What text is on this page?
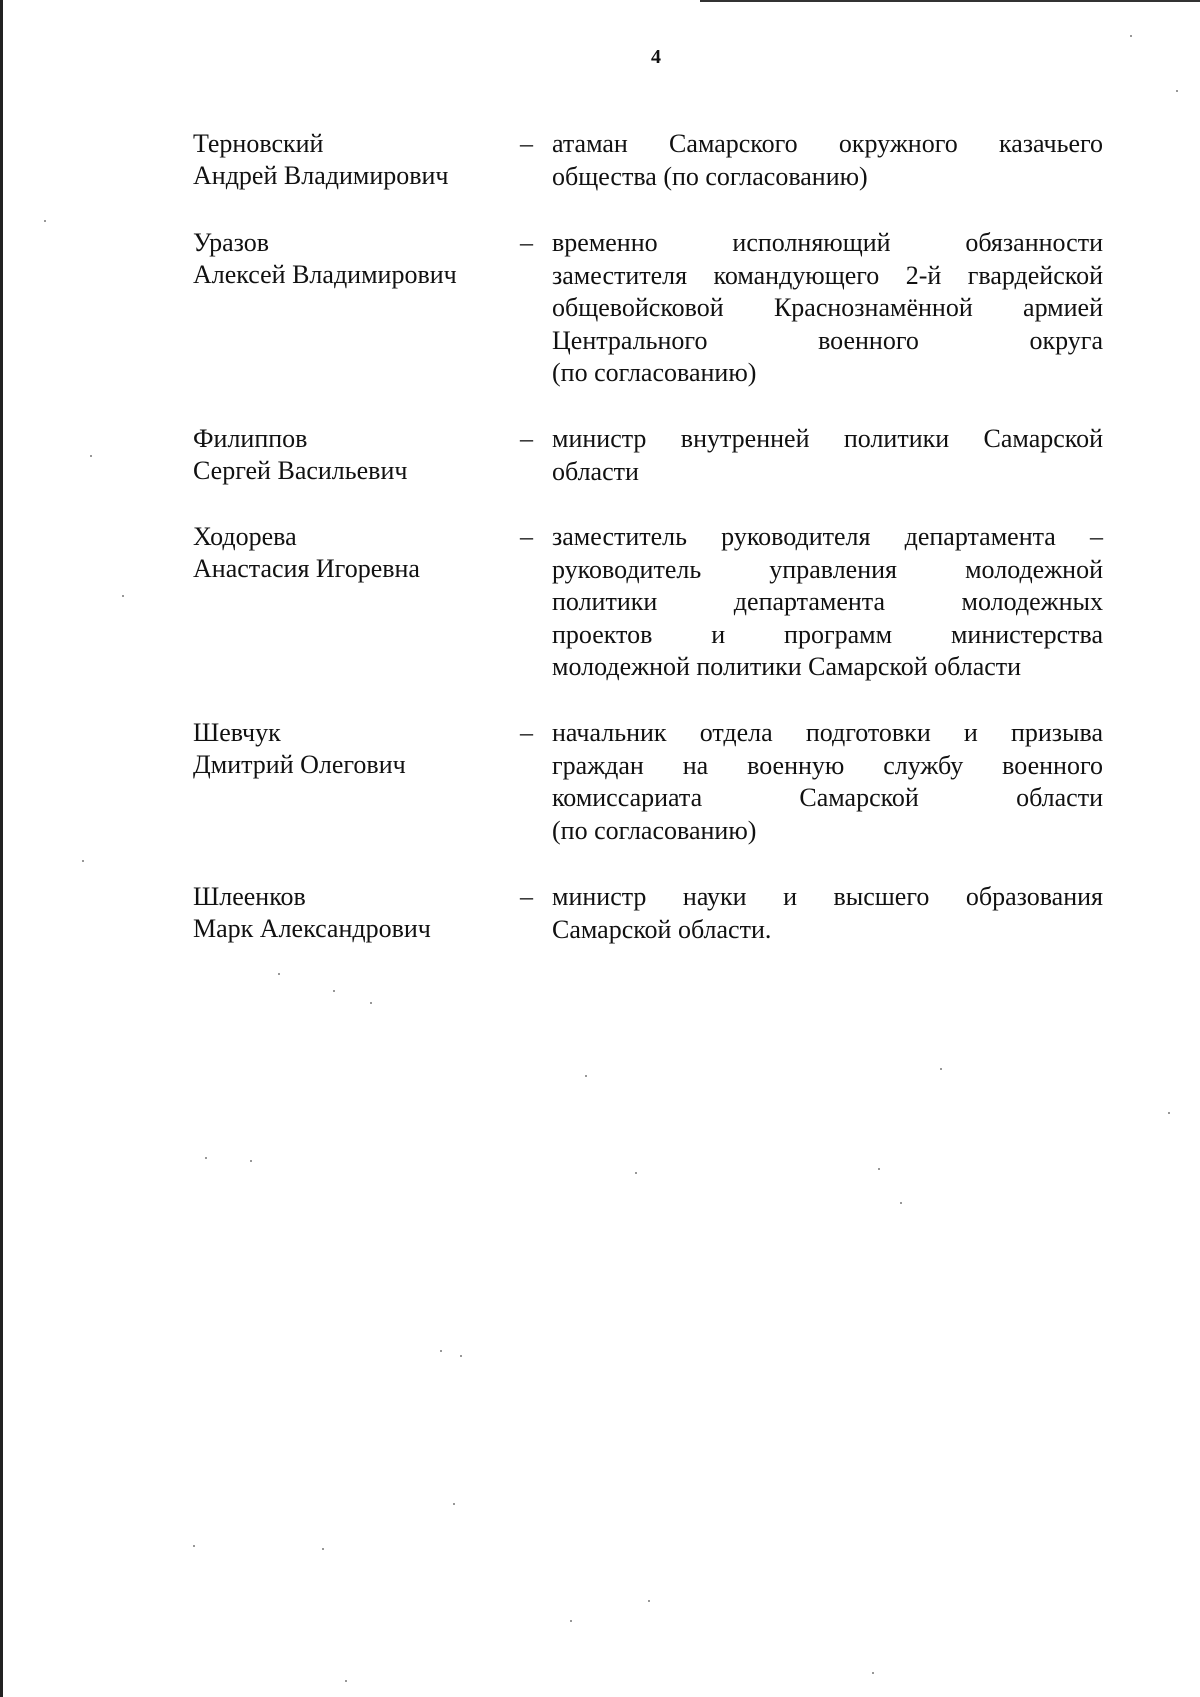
4
Терновский
Андрей Владимирович
– атаман Самарского окружного казачьего
общества (по согласованию)
Уразов
Алексей Владимирович
– временно исполняющий обязанности
заместителя командующего 2-й гвардейской
общевойсковой Краснознамённой армией
Центрального военного округа
(по согласованию)
Филиппов
Сергей Васильевич
– министр внутренней политики Самарской
области
Ходорева
Анастасия Игоревна
– заместитель руководителя департамента –
руководитель управления молодежной
политики департамента молодежных
проектов и программ министерства
молодежной политики Самарской области
Шевчук
Дмитрий Олегович
– начальник отдела подготовки и призыва
граждан на военную службу военного
комиссариата Самарской области
(по согласованию)
Шлеенков
Марк Александрович
– министр науки и высшего образования
Самарской области.
